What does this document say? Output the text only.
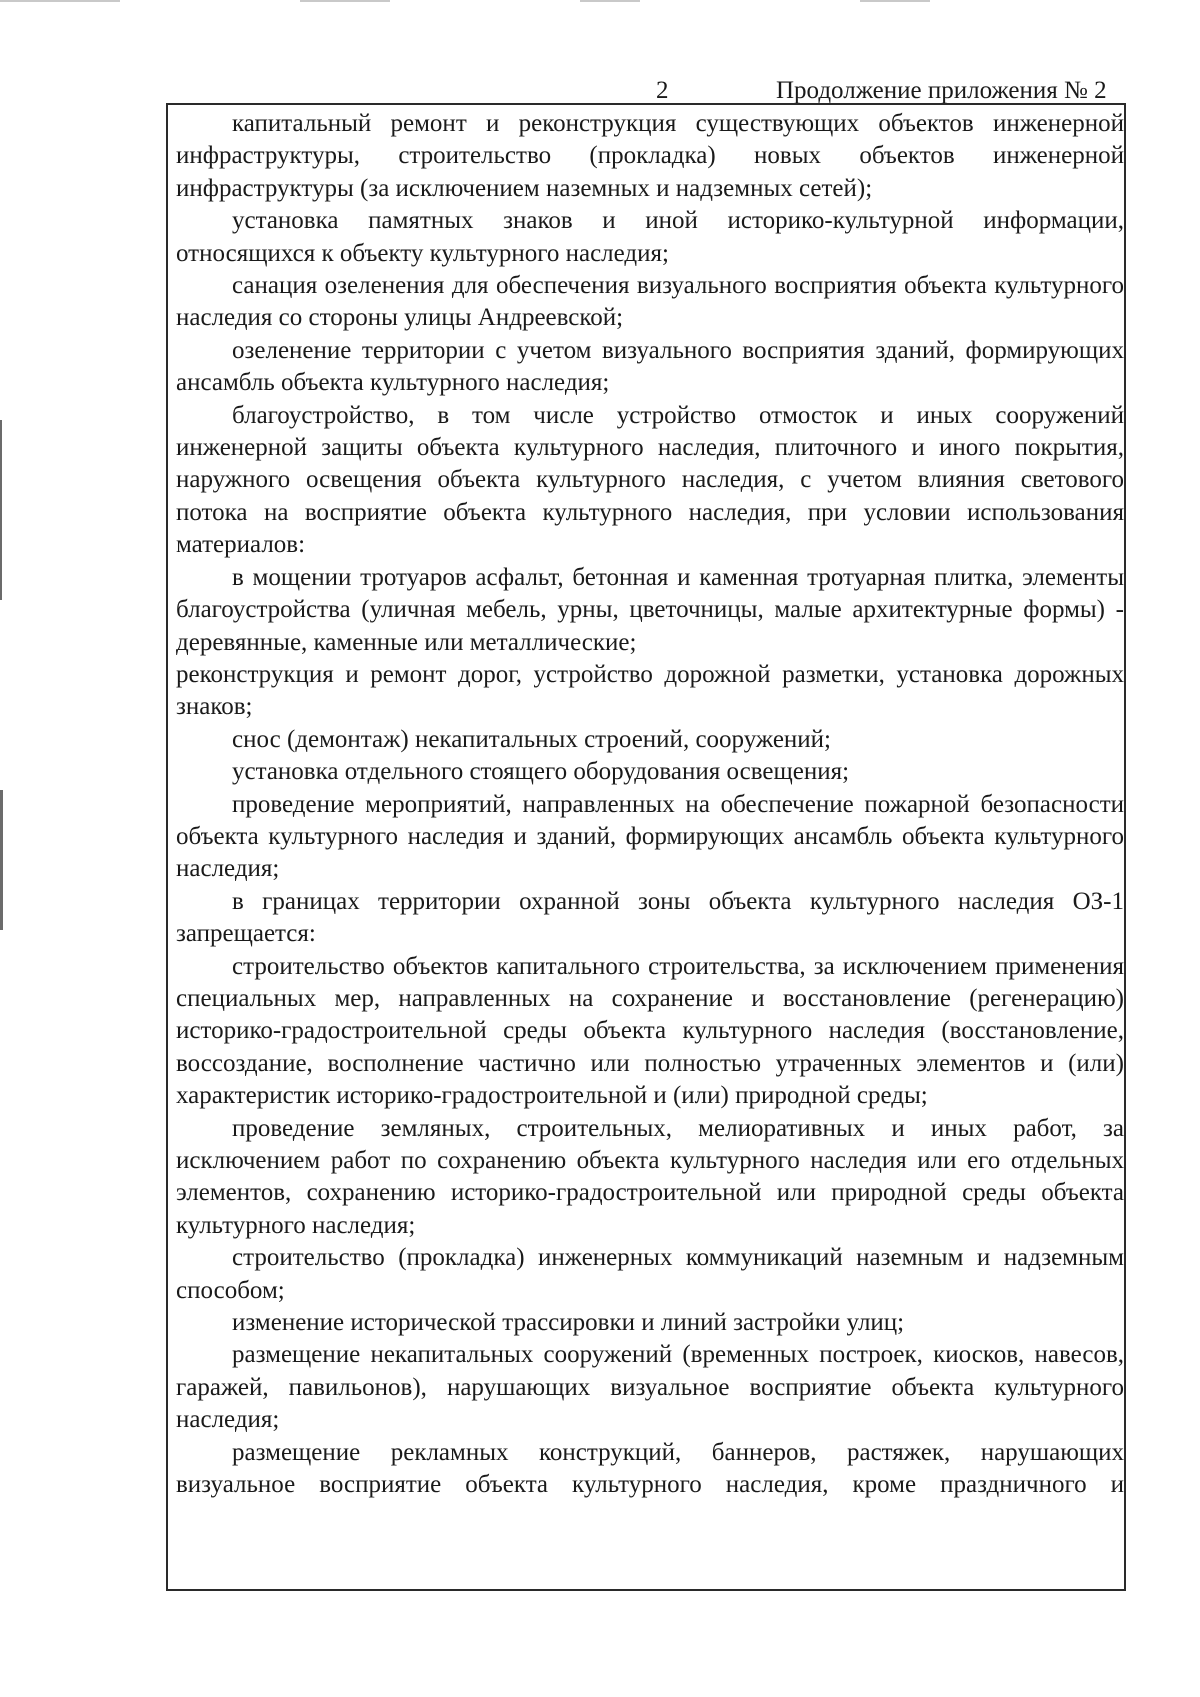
2	Продолжение приложения № 2

капитальный ремонт и реконструкция существующих объектов инженерной инфраструктуры, строительство (прокладка) новых объектов инженерной инфраструктуры (за исключением наземных и надземных сетей);

установка памятных знаков и иной историко-культурной информации, относящихся к объекту культурного наследия;

санация озеленения для обеспечения визуального восприятия объекта культурного наследия со стороны улицы Андреевской;

озеленение территории с учетом визуального восприятия зданий, формирующих ансамбль объекта культурного наследия;

благоустройство, в том числе устройство отмосток и иных сооружений инженерной защиты объекта культурного наследия, плиточного и иного покрытия, наружного освещения объекта культурного наследия, с учетом влияния светового потока на восприятие объекта культурного наследия, при условии использования материалов:

в мощении тротуаров асфальт, бетонная и каменная тротуарная плитка, элементы благоустройства (уличная мебель, урны, цветочницы, малые архитектурные формы) - деревянные, каменные или металлические;

реконструкция и ремонт дорог, устройство дорожной разметки, установка дорожных знаков;

снос (демонтаж) некапитальных строений, сооружений;

установка отдельного стоящего оборудования освещения;

проведение мероприятий, направленных на обеспечение пожарной безопасности объекта культурного наследия и зданий, формирующих ансамбль объекта культурного наследия;

в границах территории охранной зоны объекта культурного наследия ОЗ-1 запрещается:

строительство объектов капитального строительства, за исключением применения специальных мер, направленных на сохранение и восстановление (регенерацию) историко-градостроительной среды объекта культурного наследия (восстановление, воссоздание, восполнение частично или полностью утраченных элементов и (или) характеристик историко-градостроительной и (или) природной среды;

проведение земляных, строительных, мелиоративных и иных работ, за исключением работ по сохранению объекта культурного наследия или его отдельных элементов, сохранению историко-градостроительной или природной среды объекта культурного наследия;

строительство (прокладка) инженерных коммуникаций наземным и надземным способом;

изменение исторической трассировки и линий застройки улиц;

размещение некапитальных сооружений (временных построек, киосков, навесов, гаражей, павильонов), нарушающих визуальное восприятие объекта культурного наследия;

размещение рекламных конструкций, баннеров, растяжек, нарушающих визуальное восприятие объекта культурного наследия, кроме праздничного и
